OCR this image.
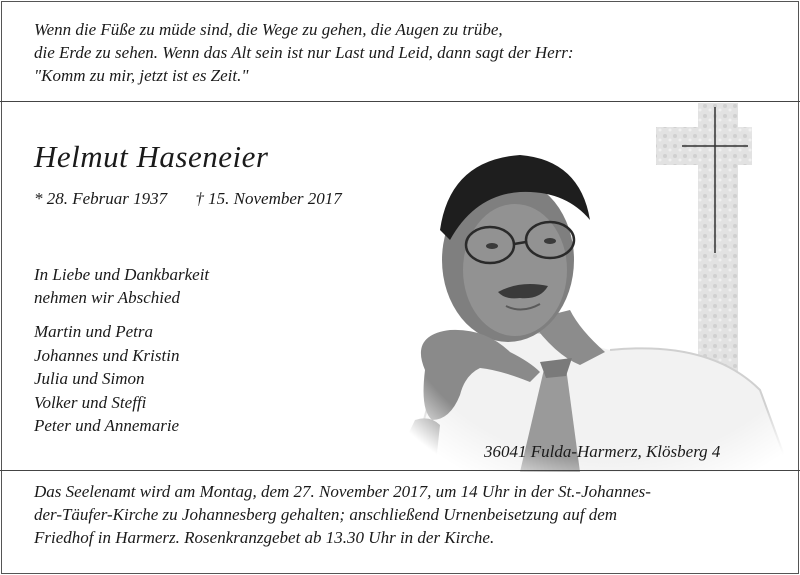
Wenn die Füße zu müde sind, die Wege zu gehen, die Augen zu trübe,
die Erde zu sehen. Wenn das Alt sein ist nur Last und Leid, dann sagt der Herr:
"Komm zu mir, jetzt ist es Zeit."
Helmut Haseneier
* 28. Februar 1937 † 15. November 2017
In Liebe und Dankbarkeit
nehmen wir Abschied
Martin und Petra
Johannes und Kristin
Julia und Simon
Volker und Steffi
Peter und Annemarie
36041 Fulda-Harmerz, Klösberg 4
Das Seelenamt wird am Montag, dem 27. November 2017, um 14 Uhr in der St.-Johannes-
der-Täufer-Kirche zu Johannesberg gehalten; anschließend Urnenbeisetzung auf dem
Friedhof in Harmerz. Rosenkranzgebet ab 13.30 Uhr in der Kirche.
